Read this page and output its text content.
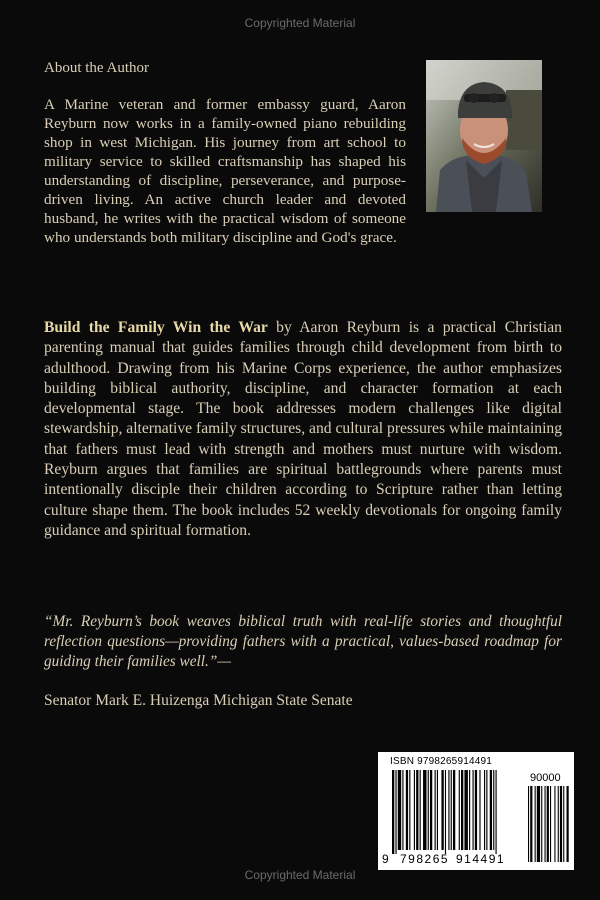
Copyrighted Material
About the Author

A Marine veteran and former embassy guard, Aaron Reyburn now works in a family-owned piano rebuilding shop in west Michigan. His journey from art school to military service to skilled craftsmanship has shaped his understanding of discipline, perseverance, and purpose-driven living. An active church leader and devoted husband, he writes with the practical wisdom of someone who understands both military discipline and God's grace.

Build the Family Win the War by Aaron Reyburn is a practical Christian parenting manual that guides families through child development from birth to adulthood. Drawing from his Marine Corps experience, the author emphasizes building biblical authority, discipline, and character formation at each developmental stage. The book addresses modern challenges like digital stewardship, alternative family structures, and cultural pressures while maintaining that fathers must lead with strength and mothers must nurture with wisdom. Reyburn argues that families are spiritual battlegrounds where parents must intentionally disciple their children according to Scripture rather than letting culture shape them. The book includes 52 weekly devotionals for ongoing family guidance and spiritual formation.

“Mr. Reyburn’s book weaves biblical truth with real-life stories and thoughtful reflection questions—providing fathers with a practical, values-based roadmap for guiding their families well.”—

Senator Mark E. Huizenga Michigan State Senate
ISBN 9798265914491
90000
9 798265 914491
Copyrighted Material
